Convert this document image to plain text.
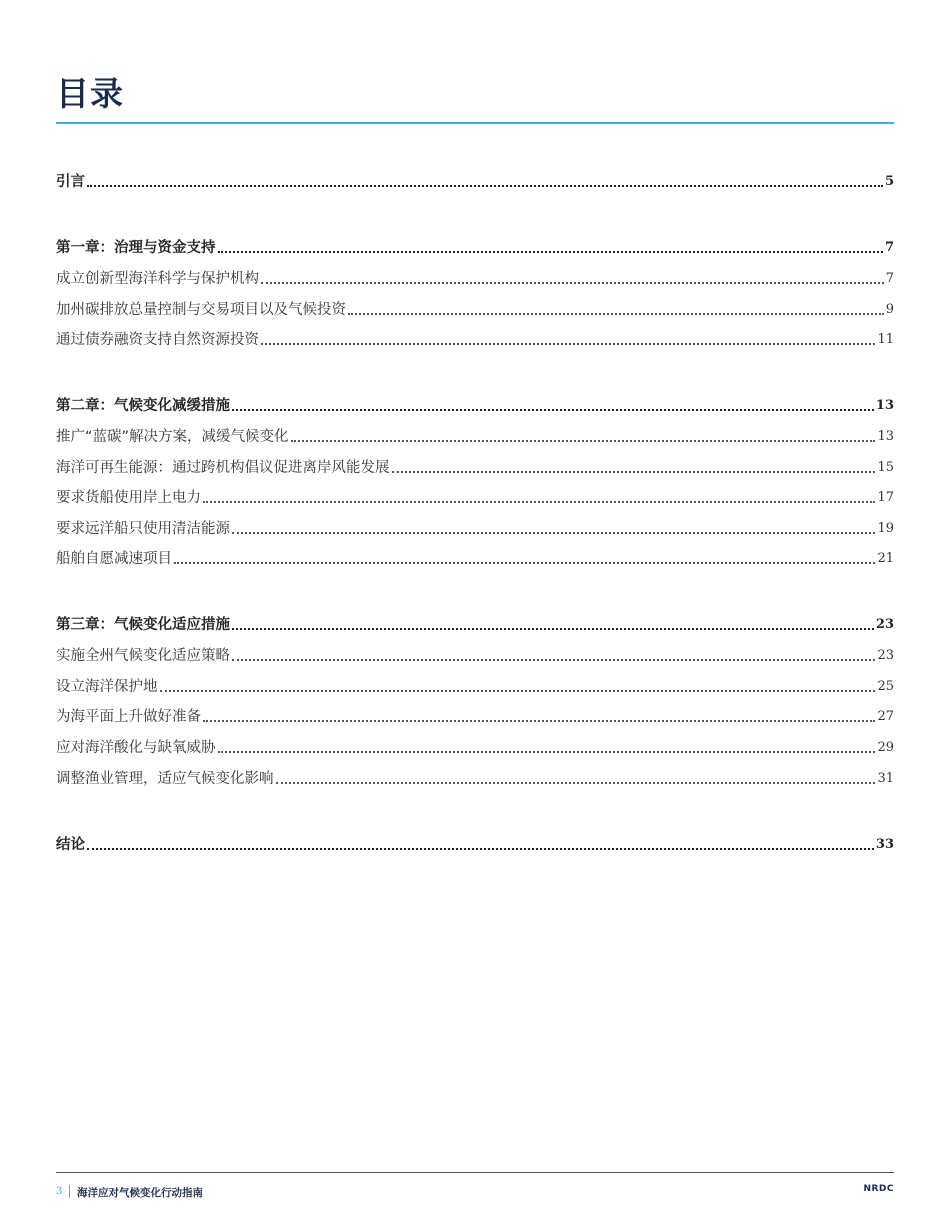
目录
引言	5
第一章：治理与资金支持	7
成立创新型海洋科学与保护机构	7
加州碳排放总量控制与交易项目以及气候投资	9
通过债券融资支持自然资源投资	11
第二章：气候变化减缓措施	13
推广“蓝碳”解决方案，减缓气候变化	13
海洋可再生能源：通过跨机构倡议促进离岸风能发展	15
要求货船使用岸上电力	17
要求远洋船只使用清洁能源	19
船舶自愿减速项目	21
第三章：气候变化适应措施	23
实施全州气候变化适应策略	23
设立海洋保护地	25
为海平面上升做好准备	27
应对海洋酸化与缺氧威胁	29
调整渔业管理，适应气候变化影响	31
结论	33
3 海洋应对气候变化行动指南	NRDC
